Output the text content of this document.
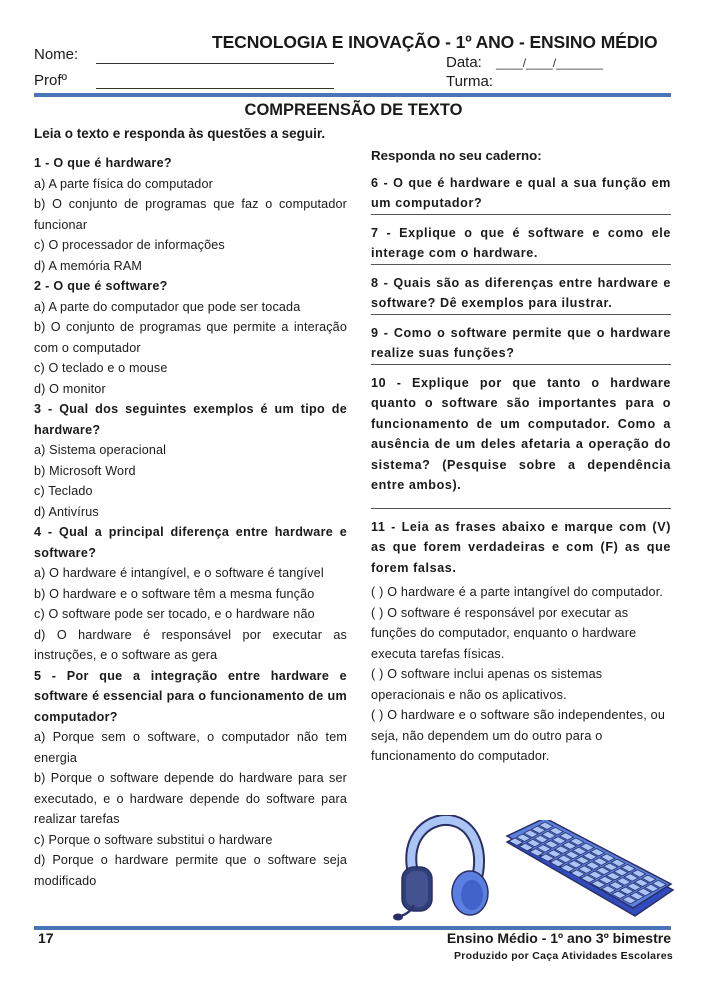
TECNOLOGIA E INOVAÇÃO - 1º ANO - ENSINO MÉDIO
Nome:
Profº
Data: ____/____/_______
Turma:
COMPREENSÃO DE TEXTO
Leia o texto e responda às questões a seguir.

1 - O que é hardware?

a) A parte física do computador

b) O conjunto de programas que faz o computador funcionar

c) O processador de informações

d) A memória RAM

2 - O que é software?

a) A parte do computador que pode ser tocada

b) O conjunto de programas que permite a interação com o computador

c) O teclado e o mouse

d) O monitor

3 - Qual dos seguintes exemplos é um tipo de hardware?

a) Sistema operacional

b) Microsoft Word

c) Teclado

d) Antivírus

4 - Qual a principal diferença entre hardware e software?

a) O hardware é intangível, e o software é tangível

b) O hardware e o software têm a mesma função

c) O software pode ser tocado, e o hardware não

d) O hardware é responsável por executar as instruções, e o software as gera

5 - Por que a integração entre hardware e software é essencial para o funcionamento de um computador?

a) Porque sem o software, o computador não tem energia

b) Porque o software depende do hardware para ser executado, e o hardware depende do software para realizar tarefas

c) Porque o software substitui o hardware

d) Porque o hardware permite que o software seja modificado

Responda no seu caderno:

6 - O que é hardware e qual a sua função em um computador?

7 - Explique o que é software e como ele interage com o hardware.

8 - Quais são as diferenças entre hardware e software? Dê exemplos para ilustrar.

9 - Como o software permite que o hardware realize suas funções?

10 - Explique por que tanto o hardware quanto o software são importantes para o funcionamento de um computador. Como a ausência de um deles afetaria a operação do sistema? (Pesquise sobre a dependência entre ambos).

11 - Leia as frases abaixo e marque com (V) as que forem verdadeiras e com (F) as que forem falsas.

( ) O hardware é a parte intangível do computador.

( ) O software é responsável por executar as funções do computador, enquanto o hardware executa tarefas físicas.

( ) O software inclui apenas os sistemas operacionais e não os aplicativos.

( ) O hardware e o software são independentes, ou seja, não dependem um do outro para o funcionamento do computador.

17	Ensino Médio - 1º ano 3º bimestre
Produzido por Caça Atividades Escolares
